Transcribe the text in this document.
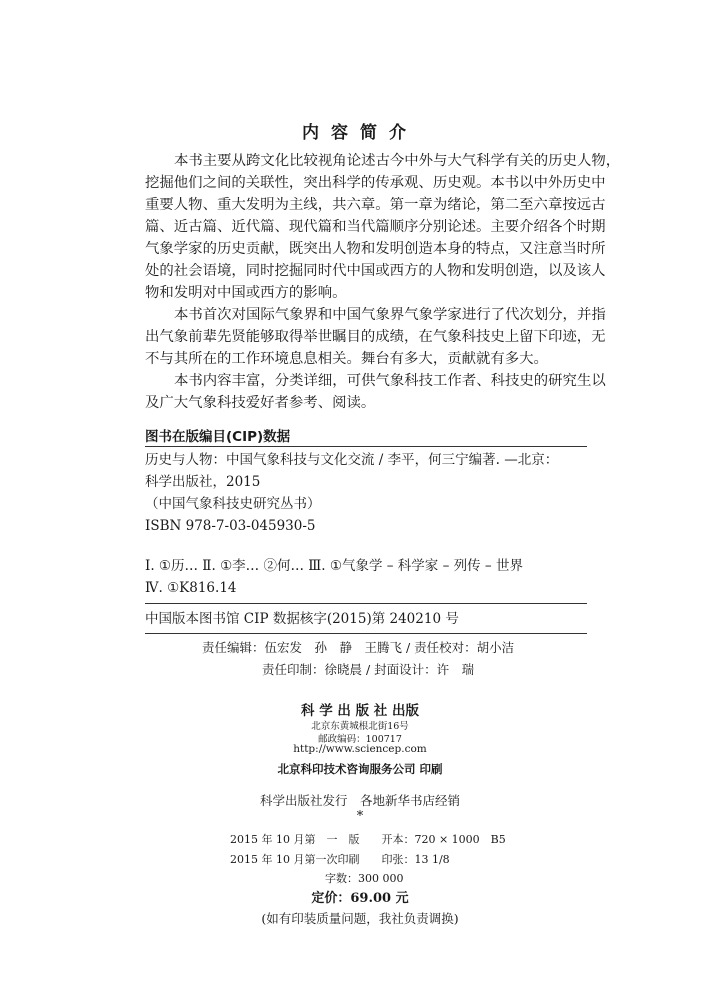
内容简介
本书主要从跨文化比较视角论述古今中外与大气科学有关的历史人物，
挖掘他们之间的关联性，突出科学的传承观、历史观。本书以中外历史中
重要人物、重大发明为主线，共六章。第一章为绪论，第二至六章按远古
篇、近古篇、近代篇、现代篇和当代篇顺序分别论述。主要介绍各个时期
气象学家的历史贡献，既突出人物和发明创造本身的特点，又注意当时所
处的社会语境，同时挖掘同时代中国或西方的人物和发明创造，以及该人
物和发明对中国或西方的影响。
本书首次对国际气象界和中国气象界气象学家进行了代次划分，并指
出气象前辈先贤能够取得举世瞩目的成绩，在气象科技史上留下印迹，无
不与其所在的工作环境息息相关。舞台有多大，贡献就有多大。
本书内容丰富，分类详细，可供气象科技工作者、科技史的研究生以
及广大气象科技爱好者参考、阅读。
图书在版编目(CIP)数据
历史与人物：中国气象科技与文化交流 / 李平，何三宁编著. —北京：
科学出版社，2015
（中国气象科技史研究丛书）
ISBN 978-7-03-045930-5
Ⅰ. ①历… Ⅱ. ①李… ②何… Ⅲ. ①气象学 – 科学家 – 列传 – 世界
Ⅳ. ①K816.14
中国版本图书馆 CIP 数据核字(2015)第 240210 号
责任编辑：伍宏发　孙　静　王腾飞 / 责任校对：胡小洁
责任印制：徐晓晨 / 封面设计：许　瑞
科 学 出 版 社 出版
北京东黄城根北街16号
邮政编码：100717
http://www.sciencep.com
北京科印技术咨询服务公司 印刷
科学出版社发行　各地新华书店经销
*
2015 年 10 月第　一　版　　开本：720 × 1000　B5
2015 年 10 月第一次印刷　　印张：13 1/8
字数：300 000
定价：69.00 元
(如有印装质量问题，我社负责调换)
